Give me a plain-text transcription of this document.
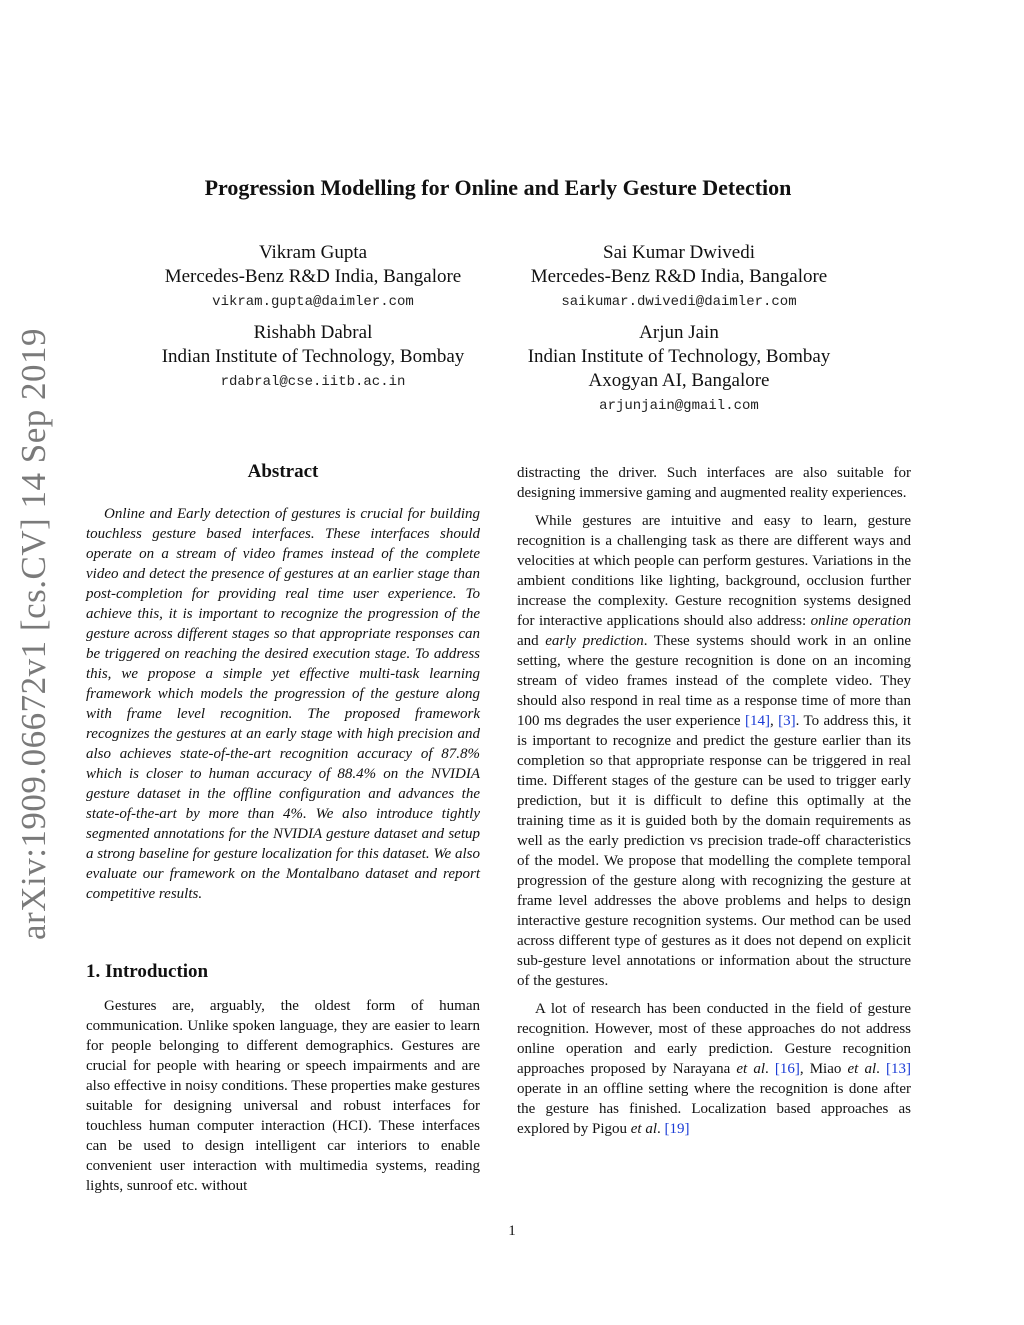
arXiv:1909.06672v1 [cs.CV] 14 Sep 2019
Progression Modelling for Online and Early Gesture Detection
Vikram Gupta
Mercedes-Benz R&D India, Bangalore
vikram.gupta@daimler.com
Sai Kumar Dwivedi
Mercedes-Benz R&D India, Bangalore
saikumar.dwivedi@daimler.com
Rishabh Dabral
Indian Institute of Technology, Bombay
rdabral@cse.iitb.ac.in
Arjun Jain
Indian Institute of Technology, Bombay
Axogyan AI, Bangalore
arjunjain@gmail.com
Abstract

Online and Early detection of gestures is crucial for building touchless gesture based interfaces. These interfaces should operate on a stream of video frames instead of the complete video and detect the presence of gestures at an earlier stage than post-completion for providing real time user experience. To achieve this, it is important to recognize the progression of the gesture across different stages so that appropriate responses can be triggered on reaching the desired execution stage. To address this, we propose a simple yet effective multi-task learning framework which models the progression of the gesture along with frame level recognition. The proposed framework recognizes the gestures at an early stage with high precision and also achieves state-of-the-art recognition accuracy of 87.8% which is closer to human accuracy of 88.4% on the NVIDIA gesture dataset in the offline configuration and advances the state-of-the-art by more than 4%. We also introduce tightly segmented annotations for the NVIDIA gesture dataset and setup a strong baseline for gesture localization for this dataset. We also evaluate our framework on the Montalbano dataset and report competitive results.

1. Introduction

Gestures are, arguably, the oldest form of human communication. Unlike spoken language, they are easier to learn for people belonging to different demographics. Gestures are crucial for people with hearing or speech impairments and are also effective in noisy conditions. These properties make gestures suitable for designing universal and robust interfaces for touchless human computer interaction (HCI). These interfaces can be used to design intelligent car interiors to enable convenient user interaction with multimedia systems, reading lights, sunroof etc. without

distracting the driver. Such interfaces are also suitable for designing immersive gaming and augmented reality experiences.

While gestures are intuitive and easy to learn, gesture recognition is a challenging task as there are different ways and velocities at which people can perform gestures. Variations in the ambient conditions like lighting, background, occlusion further increase the complexity. Gesture recognition systems designed for interactive applications should also address: online operation and early prediction. These systems should work in an online setting, where the gesture recognition is done on an incoming stream of video frames instead of the complete video. They should also respond in real time as a response time of more than 100 ms degrades the user experience [14], [3]. To address this, it is important to recognize and predict the gesture earlier than its completion so that appropriate response can be triggered in real time. Different stages of the gesture can be used to trigger early prediction, but it is difficult to define this optimally at the training time as it is guided both by the domain requirements as well as the early prediction vs precision trade-off characteristics of the model. We propose that modelling the complete temporal progression of the gesture along with recognizing the gesture at frame level addresses the above problems and helps to design interactive gesture recognition systems. Our method can be used across different type of gestures as it does not depend on explicit sub-gesture level annotations or information about the structure of the gestures.

A lot of research has been conducted in the field of gesture recognition. However, most of these approaches do not address online operation and early prediction. Gesture recognition approaches proposed by Narayana et al. [16], Miao et al. [13] operate in an offline setting where the recognition is done after the gesture has finished. Localization based approaches as explored by Pigou et al. [19]

1
